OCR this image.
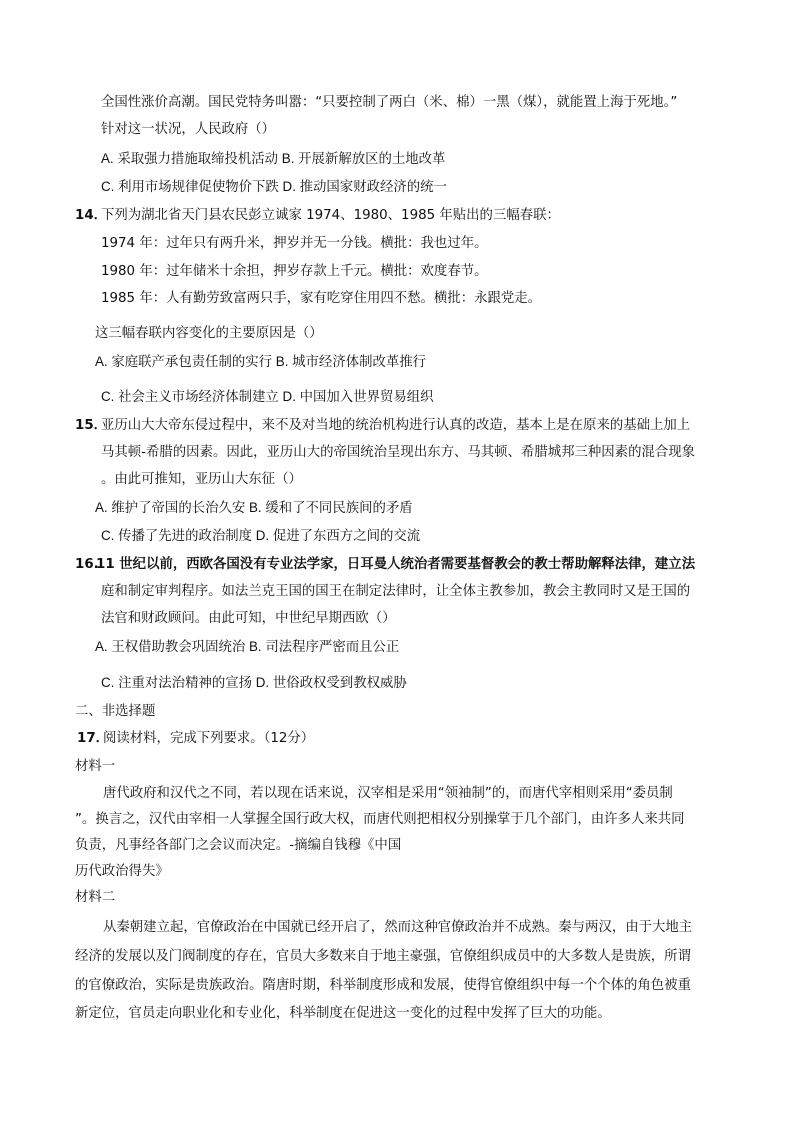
全国性涨价高潮。国民党特务叫嚣：“只要控制了两白（米、棉）一黑（煤），就能置上海于死地。”
针对这一状况，人民政府（）
A. 采取强力措施取缔投机活动 B. 开展新解放区的土地改革
C. 利用市场规律促使物价下跌 D. 推动国家财政经济的统一
14．
下列为湖北省天门县农民彭立诚家 1974、1980、1985 年贴出的三幅春联：
1974 年：过年只有两升米，押岁并无一分钱。横批：我也过年。
1980 年：过年储米十余担，押岁存款上千元。横批：欢度春节。
1985 年：人有勤劳致富两只手，家有吃穿住用四不愁。横批：永跟党走。
这三幅春联内容变化的主要原因是（）
A. 家庭联产承包责任制的实行 B. 城市经济体制改革推行
C. 社会主义市场经济体制建立 D. 中国加入世界贸易组织
15．
亚历山大大帝东侵过程中，来不及对当地的统治机构进行认真的改造，基本上是在原来的基础上加上
马其顿-希腊的因素。因此，亚历山大的帝国统治呈现出东方、马其顿、希腊城邦三种因素的混合现象
。由此可推知，亚历山大东征（）
A. 维护了帝国的长治久安 B. 缓和了不同民族间的矛盾
C. 传播了先进的政治制度 D. 促进了东西方之间的交流
16.
11 世纪以前，西欧各国没有专业法学家，日耳曼人统治者需要基督教会的教士帮助解释法律，建立法
庭和制定审判程序。如法兰克王国的国王在制定法律时，让全体主教参加，教会主教同时又是王国的
法官和财政顾问。由此可知，中世纪早期西欧（）
A. 王权借助教会巩固统治 B. 司法程序严密而且公正
C. 注重对法治精神的宣扬 D. 世俗政权受到教权威胁
二、非选择题
17．
阅读材料，完成下列要求。（12分）
材料一
唐代政府和汉代之不同，若以现在话来说，汉宰相是采用“领袖制”的，而唐代宰相则采用“委员制
”。换言之，汉代由宰相一人掌握全国行政大权，而唐代则把相权分别操掌于几个部门，由许多人来共同
负责，凡事经各部门之会议而决定。-摘编自钱穆《中国
历代政治得失》
材料二
从秦朝建立起，官僚政治在中国就已经开启了，然而这种官僚政治并不成熟。秦与两汉，由于大地主
经济的发展以及门阀制度的存在，官员大多数来自于地主豪强，官僚组织成员中的大多数人是贵族，所谓
的官僚政治，实际是贵族政治。隋唐时期，科举制度形成和发展，使得官僚组织中每一个个体的角色被重
新定位，官员走向职业化和专业化，科举制度在促进这一变化的过程中发挥了巨大的功能。
